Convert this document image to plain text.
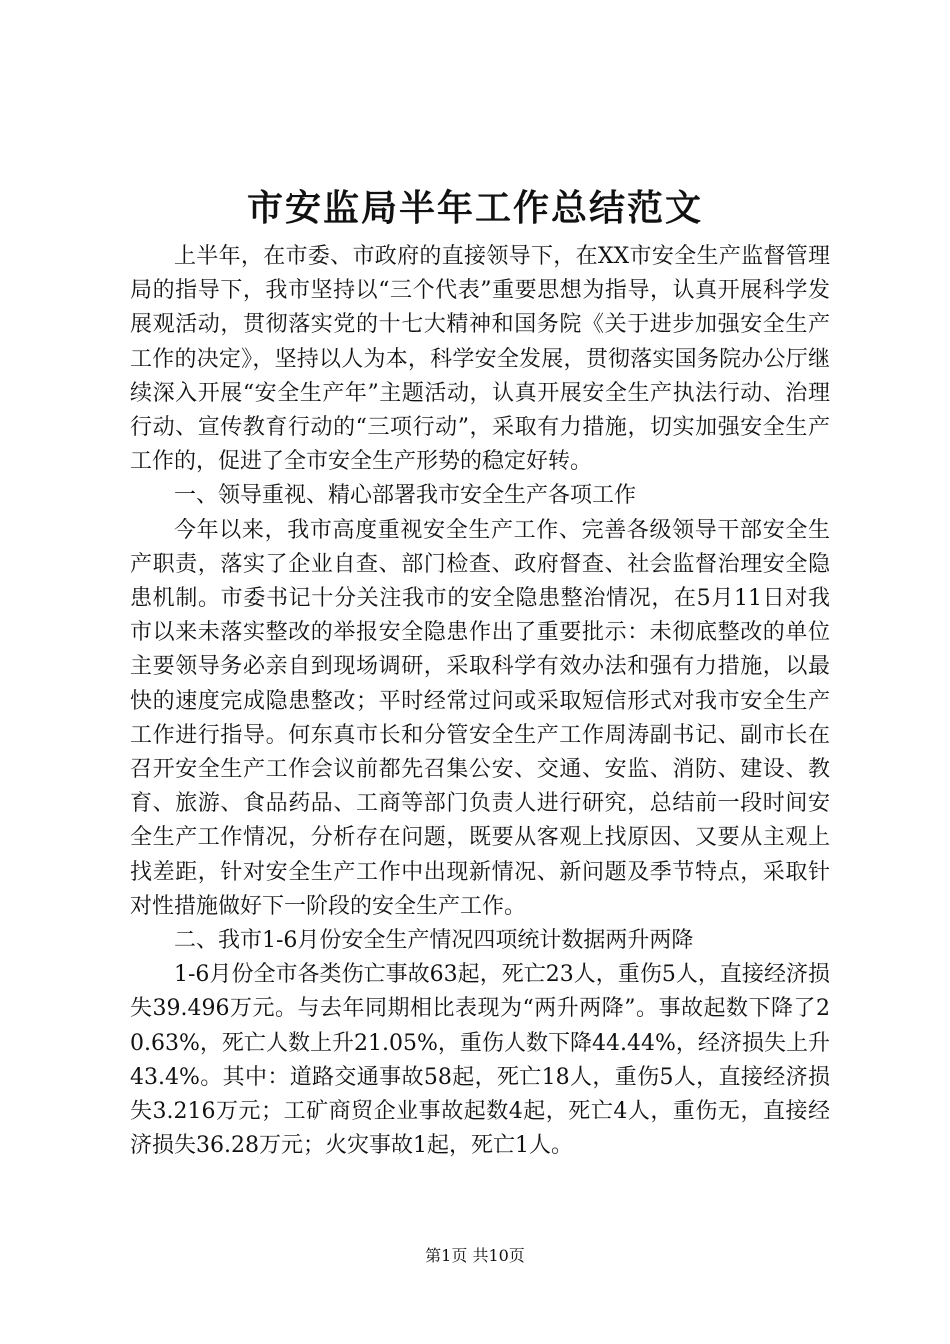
市安监局半年工作总结范文

上半年，在市委、市政府的直接领导下，在XX市安全生产监督管理局的指导下，我市坚持以“三个代表”重要思想为指导，认真开展科学发展观活动，贯彻落实党的十七大精神和国务院《关于进步加强安全生产工作的决定》，坚持以人为本，科学安全发展，贯彻落实国务院办公厅继续深入开展“安全生产年”主题活动，认真开展安全生产执法行动、治理行动、宣传教育行动的“三项行动”，采取有力措施，切实加强安全生产工作的，促进了全市安全生产形势的稳定好转。

一、领导重视、精心部署我市安全生产各项工作

今年以来，我市高度重视安全生产工作、完善各级领导干部安全生产职责，落实了企业自查、部门检查、政府督查、社会监督治理安全隐患机制。市委书记十分关注我市的安全隐患整治情况，在5月11日对我市以来未落实整改的举报安全隐患作出了重要批示：未彻底整改的单位主要领导务必亲自到现场调研，采取科学有效办法和强有力措施，以最快的速度完成隐患整改；平时经常过问或采取短信形式对我市安全生产工作进行指导。何东真市长和分管安全生产工作周涛副书记、副市长在召开安全生产工作会议前都先召集公安、交通、安监、消防、建设、教育、旅游、食品药品、工商等部门负责人进行研究，总结前一段时间安全生产工作情况，分析存在问题，既要从客观上找原因、又要从主观上找差距，针对安全生产工作中出现新情况、新问题及季节特点，采取针对性措施做好下一阶段的安全生产工作。

二、我市1-6月份安全生产情况四项统计数据两升两降

1-6月份全市各类伤亡事故63起，死亡23人，重伤5人，直接经济损失39.496万元。与去年同期相比表现为“两升两降”。事故起数下降了20.63%，死亡人数上升21.05%，重伤人数下降44.44%，经济损失上升43.4%。其中：道路交通事故58起，死亡18人，重伤5人，直接经济损失3.216万元；工矿商贸企业事故起数4起，死亡4人，重伤无，直接经济损失36.28万元；火灾事故1起，死亡1人。

第1页 共10页
